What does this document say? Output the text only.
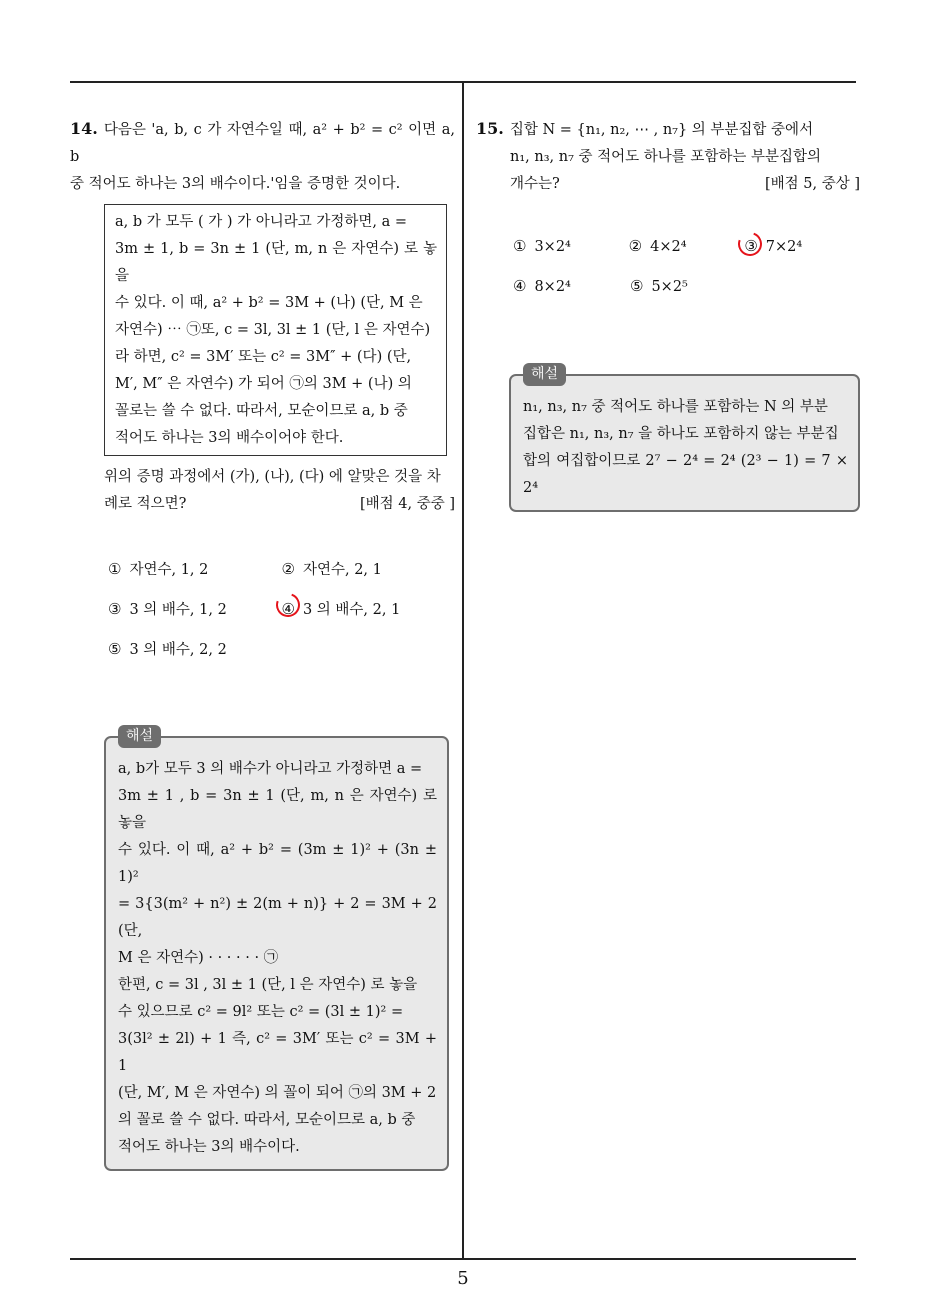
14. 다음은 'a, b, c 가 자연수일 때, a² + b² = c² 이면 a, b
중 적어도 하나는 3의 배수이다.'임을 증명한 것이다.
a, b 가 모두 ( 가 ) 가 아니라고 가정하면, a =
3m ± 1, b = 3n ± 1 (단, m, n 은 자연수) 로 놓을
수 있다. 이 때, a² + b² = 3M + (나) (단, M 은
자연수) ⋯ ㉠또, c = 3l, 3l ± 1 (단, l 은 자연수)
라 하면, c² = 3M′ 또는 c² = 3M″ + (다) (단,
M′, M″ 은 자연수) 가 되어 ㉠의 3M + (나) 의
꼴로는 쓸 수 없다. 따라서, 모순이므로 a, b 중
적어도 하나는 3의 배수이어야 한다.
위의 증명 과정에서 (가), (나), (다) 에 알맞은 것을 차
례로 적으면?	[배점 4, 중중 ]
① 자연수, 1, 2	② 자연수, 2, 1
③ 3 의 배수, 1, 2	④ 3 의 배수, 2, 1
⑤ 3 의 배수, 2, 2
해설
a, b가 모두 3 의 배수가 아니라고 가정하면 a =
3m ± 1 , b = 3n ± 1 (단, m, n 은 자연수) 로 놓을
수 있다. 이 때, a² + b² = (3m ± 1)² + (3n ± 1)²
= 3{3(m² + n²) ± 2(m + n)} + 2 = 3M + 2 (단,
M 은 자연수) · · · · · · ㉠
한편, c = 3l , 3l ± 1 (단, l 은 자연수) 로 놓을
수 있으므로 c² = 9l² 또는 c² = (3l ± 1)² =
3(3l² ± 2l) + 1 즉, c² = 3M′ 또는 c² = 3M + 1
(단, M′, M 은 자연수) 의 꼴이 되어 ㉠의 3M + 2
의 꼴로 쓸 수 없다. 따라서, 모순이므로 a, b 중
적어도 하나는 3의 배수이다.
15. 집합 N = {n₁, n₂, ⋯ , n₇} 의 부분집합 중에서
n₁, n₃, n₇ 중 적어도 하나를 포함하는 부분집합의
개수는?	[배점 5, 중상 ]
① 3×2⁴	② 4×2⁴	③ 7×2⁴
④ 8×2⁴	⑤ 5×2⁵
해설
n₁, n₃, n₇ 중 적어도 하나를 포함하는 N 의 부분
집합은 n₁, n₃, n₇ 을 하나도 포함하지 않는 부분집
합의 여집합이므로 2⁷ − 2⁴ = 2⁴ (2³ − 1) = 7 × 2⁴
5
